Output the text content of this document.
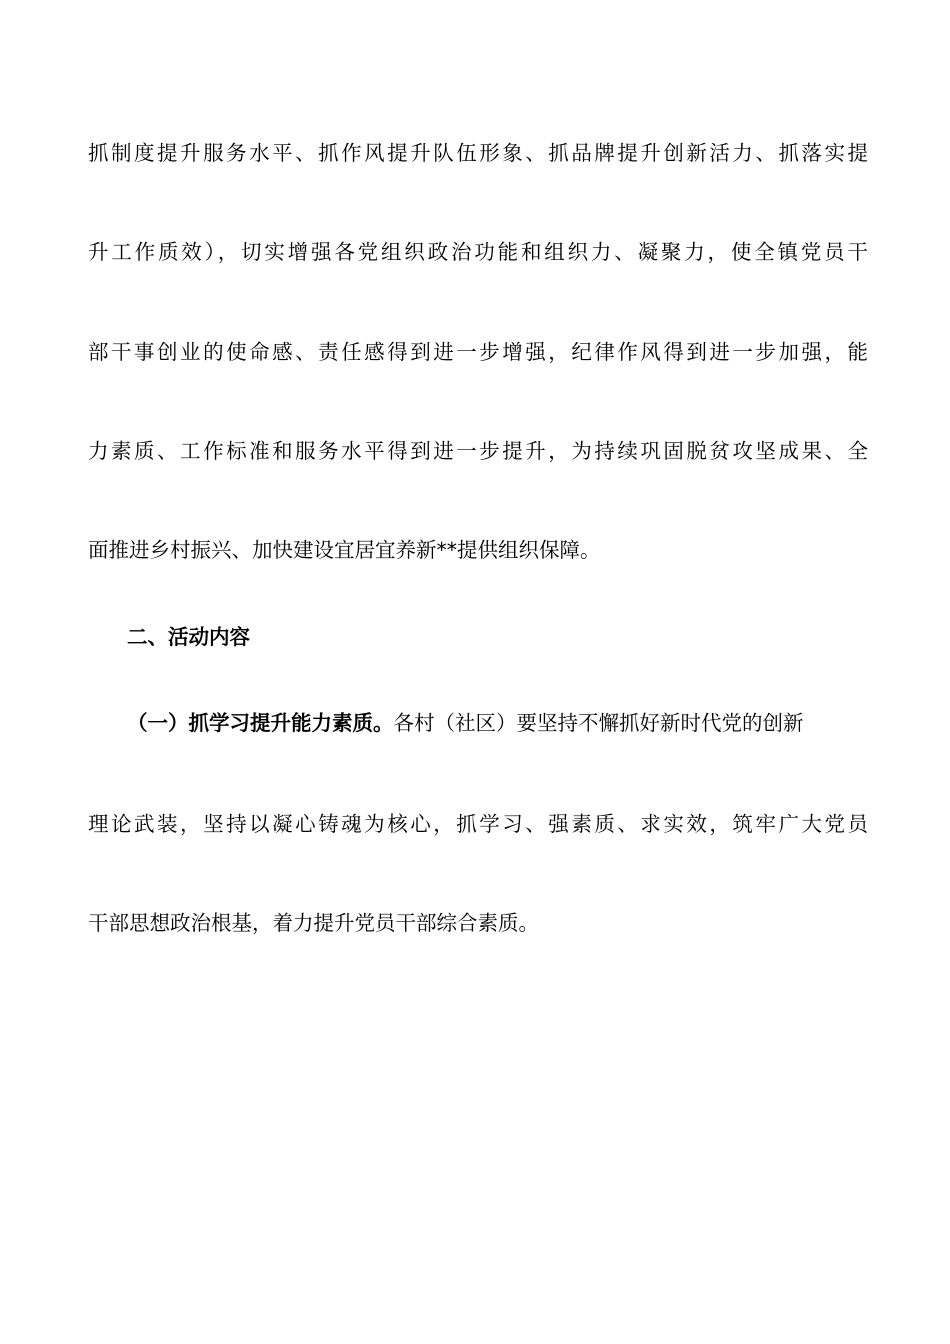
抓制度提升服务水平、抓作风提升队伍形象、抓品牌提升创新活力、抓落实提
升工作质效），切实增强各党组织政治功能和组织力、凝聚力，使全镇党员干
部干事创业的使命感、责任感得到进一步增强，纪律作风得到进一步加强，能
力素质、工作标准和服务水平得到进一步提升，为持续巩固脱贫攻坚成果、全
面推进乡村振兴、加快建设宜居宜养新**提供组织保障。
二、活动内容
（一）抓学习提升能力素质。各村（社区）要坚持不懈抓好新时代党的创新
理论武装，坚持以凝心铸魂为核心，抓学习、强素质、求实效，筑牢广大党员
干部思想政治根基，着力提升党员干部综合素质。
